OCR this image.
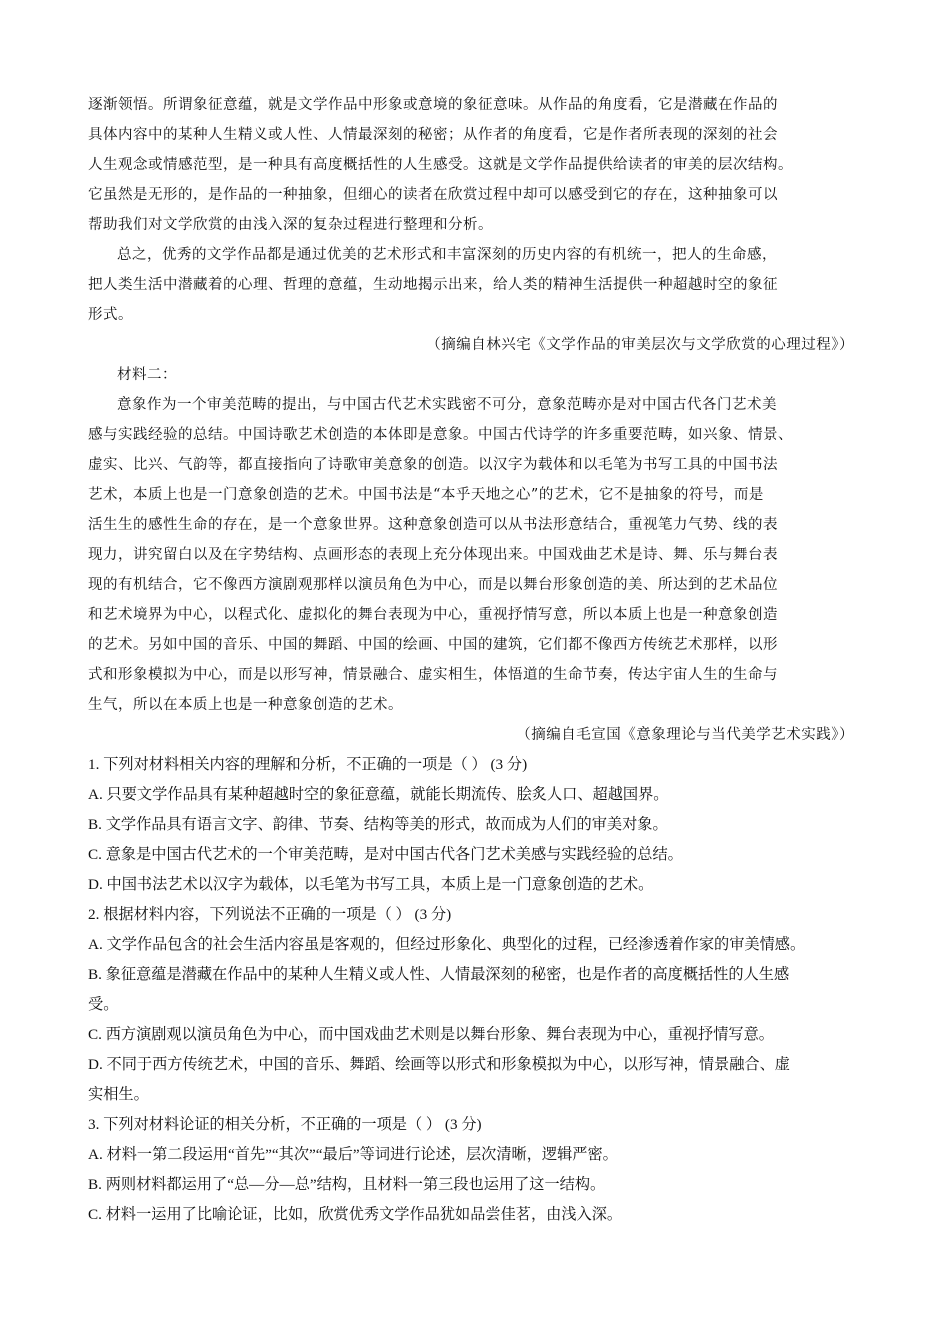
逐渐领悟。所谓象征意蕴，就是文学作品中形象或意境的象征意味。从作品的角度看，它是潜藏在作品的
具体内容中的某种人生精义或人性、人情最深刻的秘密；从作者的角度看，它是作者所表现的深刻的社会
人生观念或情感范型，是一种具有高度概括性的人生感受。这就是文学作品提供给读者的审美的层次结构。
它虽然是无形的，是作品的一种抽象，但细心的读者在欣赏过程中却可以感受到它的存在，这种抽象可以
帮助我们对文学欣赏的由浅入深的复杂过程进行整理和分析。
总之，优秀的文学作品都是通过优美的艺术形式和丰富深刻的历史内容的有机统一，把人的生命感，
把人类生活中潜藏着的心理、哲理的意蕴，生动地揭示出来，给人类的精神生活提供一种超越时空的象征
形式。
（摘编自林兴宅《文学作品的审美层次与文学欣赏的心理过程》）
材料二：
意象作为一个审美范畴的提出，与中国古代艺术实践密不可分，意象范畴亦是对中国古代各门艺术美
感与实践经验的总结。中国诗歌艺术创造的本体即是意象。中国古代诗学的许多重要范畴，如兴象、情景、
虚实、比兴、气韵等，都直接指向了诗歌审美意象的创造。以汉字为载体和以毛笔为书写工具的中国书法
艺术，本质上也是一门意象创造的艺术。中国书法是“本乎天地之心”的艺术，它不是抽象的符号，而是
活生生的感性生命的存在，是一个意象世界。这种意象创造可以从书法形意结合，重视笔力气势、线的表
现力，讲究留白以及在字势结构、点画形态的表现上充分体现出来。中国戏曲艺术是诗、舞、乐与舞台表
现的有机结合，它不像西方演剧观那样以演员角色为中心，而是以舞台形象创造的美、所达到的艺术品位
和艺术境界为中心，以程式化、虚拟化的舞台表现为中心，重视抒情写意，所以本质上也是一种意象创造
的艺术。另如中国的音乐、中国的舞蹈、中国的绘画、中国的建筑，它们都不像西方传统艺术那样，以形
式和形象模拟为中心，而是以形写神，情景融合、虚实相生，体悟道的生命节奏，传达宇宙人生的生命与
生气，所以在本质上也是一种意象创造的艺术。
（摘编自毛宣国《意象理论与当代美学艺术实践》）
1. 下列对材料相关内容的理解和分析，不正确的一项是（ ） (3 分)
A. 只要文学作品具有某种超越时空的象征意蕴，就能长期流传、脍炙人口、超越国界。
B. 文学作品具有语言文字、韵律、节奏、结构等美的形式，故而成为人们的审美对象。
C. 意象是中国古代艺术的一个审美范畴，是对中国古代各门艺术美感与实践经验的总结。
D. 中国书法艺术以汉字为载体，以毛笔为书写工具，本质上是一门意象创造的艺术。
2. 根据材料内容，下列说法不正确的一项是（ ） (3 分)
A. 文学作品包含的社会生活内容虽是客观的，但经过形象化、典型化的过程，已经渗透着作家的审美情感。
B. 象征意蕴是潜藏在作品中的某种人生精义或人性、人情最深刻的秘密，也是作者的高度概括性的人生感
受。
C. 西方演剧观以演员角色为中心，而中国戏曲艺术则是以舞台形象、舞台表现为中心，重视抒情写意。
D. 不同于西方传统艺术，中国的音乐、舞蹈、绘画等以形式和形象模拟为中心，以形写神，情景融合、虚
实相生。
3. 下列对材料论证的相关分析，不正确的一项是（ ） (3 分)
A. 材料一第二段运用“首先”“其次”“最后”等词进行论述，层次清晰，逻辑严密。
B. 两则材料都运用了“总—分—总”结构，且材料一第三段也运用了这一结构。
C. 材料一运用了比喻论证，比如，欣赏优秀文学作品犹如品尝佳茗，由浅入深。
